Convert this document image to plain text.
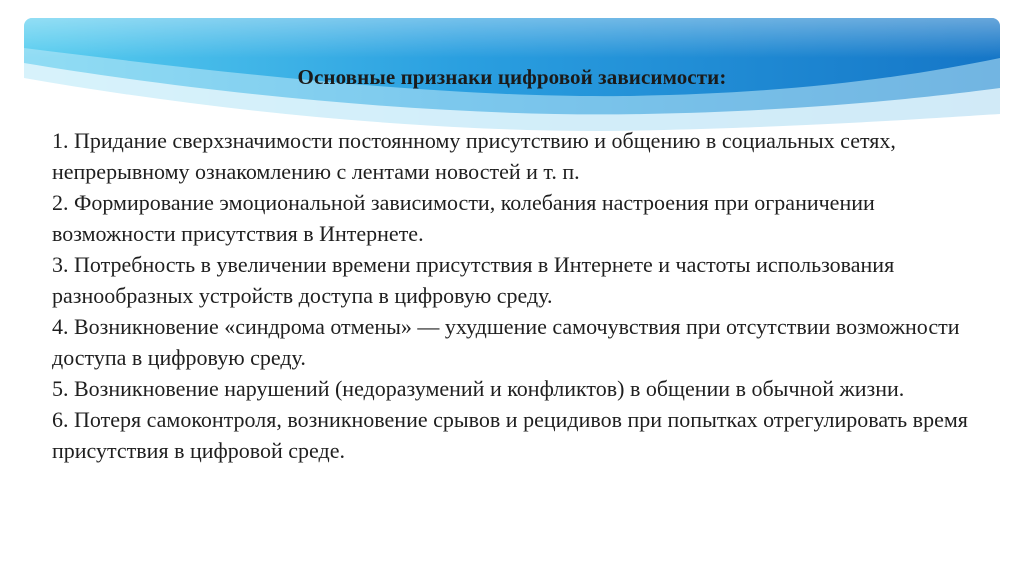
Основные признаки цифровой зависимости:
1. Придание сверхзначимости постоянному присутствию и общению в социальных сетях, непрерывному ознакомлению с лентами новостей и т. п.
2. Формирование эмоциональной зависимости, колебания настроения при ограничении возможности присутствия в Интернете.
3. Потребность в увеличении времени присутствия в Интернете и частоты использования разнообразных устройств доступа в цифровую среду.
4. Возникновение «синдрома отмены» — ухудшение самочувствия при отсутствии возможности доступа в цифровую среду.
5. Возникновение нарушений (недоразумений и конфликтов) в общении в обычной жизни.
6. Потеря самоконтроля, возникновение срывов и рецидивов при попытках отрегулировать время присутствия в цифровой среде.
